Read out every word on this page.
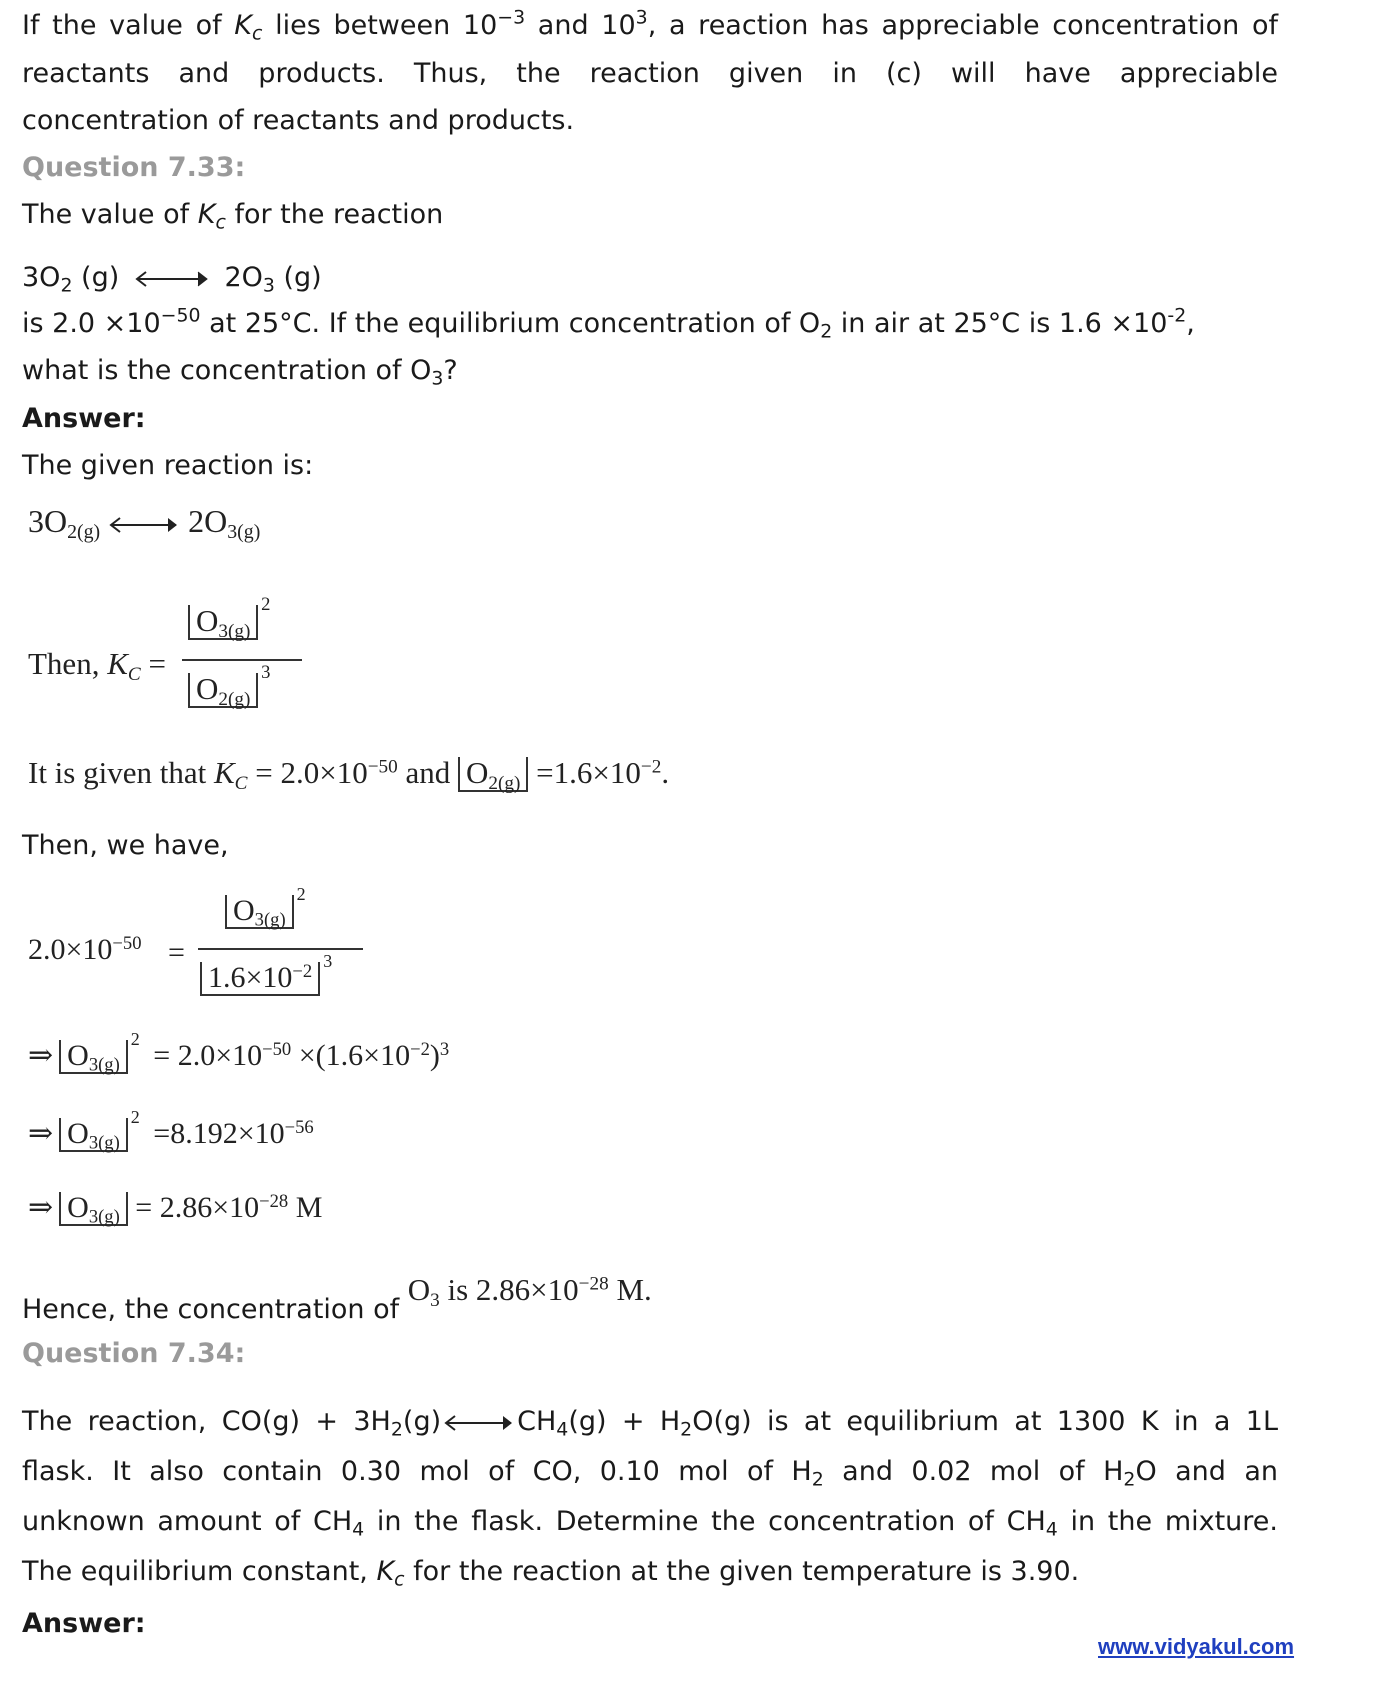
If the value of $K_c$ lies between $10^{-3}$ and $10^3$, a reaction has appreciable concentration of
reactants and products. Thus, the reaction given in (c) will have appreciable
concentration of reactants and products.
Question 7.33:
The value of $K_c$ for the reaction
$3O_2$ (g)	$2O_3$ (g)
is $2.0 \times 10^{-50}$ at 25°C. If the equilibrium concentration of $O_2$ in air at 25°C is $1.6 \times 10^{-2}$,
what is the concentration of $O_3$?
Answer:
The given reaction is:
$3O_{2(g)}$	$2O_{3(g)}$
Then, $K_C$ =
$O_{3(g)}$
2
$O_{2(g)}$
3
It is given that $K_C = 2.0\times 10^{-50}$ and $O_{2(g)} =1.6\times 10^{-2}$.
Then, we have,
$2.0\times 10^{-50}$ =
$O_{3(g)}$
2
$1.6\times 10^{-2}$ 3
⇒ $O_{3(g)}$
$2 = 2.0\times 10^{-50} \times(1.6\times 10^{-2})^3$
⇒ $O_{3(g)}$
$2 =8.192\times 10^{-56}$
⇒ $O_{3(g)} = 2.86\times 10^{-28}$ M
Hence, the concentration of $O_3$ is $2.86\times 10^{-28}$ M.
Question 7.34:
The reaction, $CO(g) + 3H_2(g)$	$CH_4(g) + H_2O(g)$ is at equilibrium at 1300 K in a 1L
flask. It also contain 0.30 mol of CO, 0.10 mol of $H_2$ and 0.02 mol of $H_2O$ and an
unknown amount of $CH_4$ in the flask. Determine the concentration of $CH_4$ in the mixture.
The equilibrium constant, $K_c$ for the reaction at the given temperature is 3.90.
Answer:
www.vidyakul.com
